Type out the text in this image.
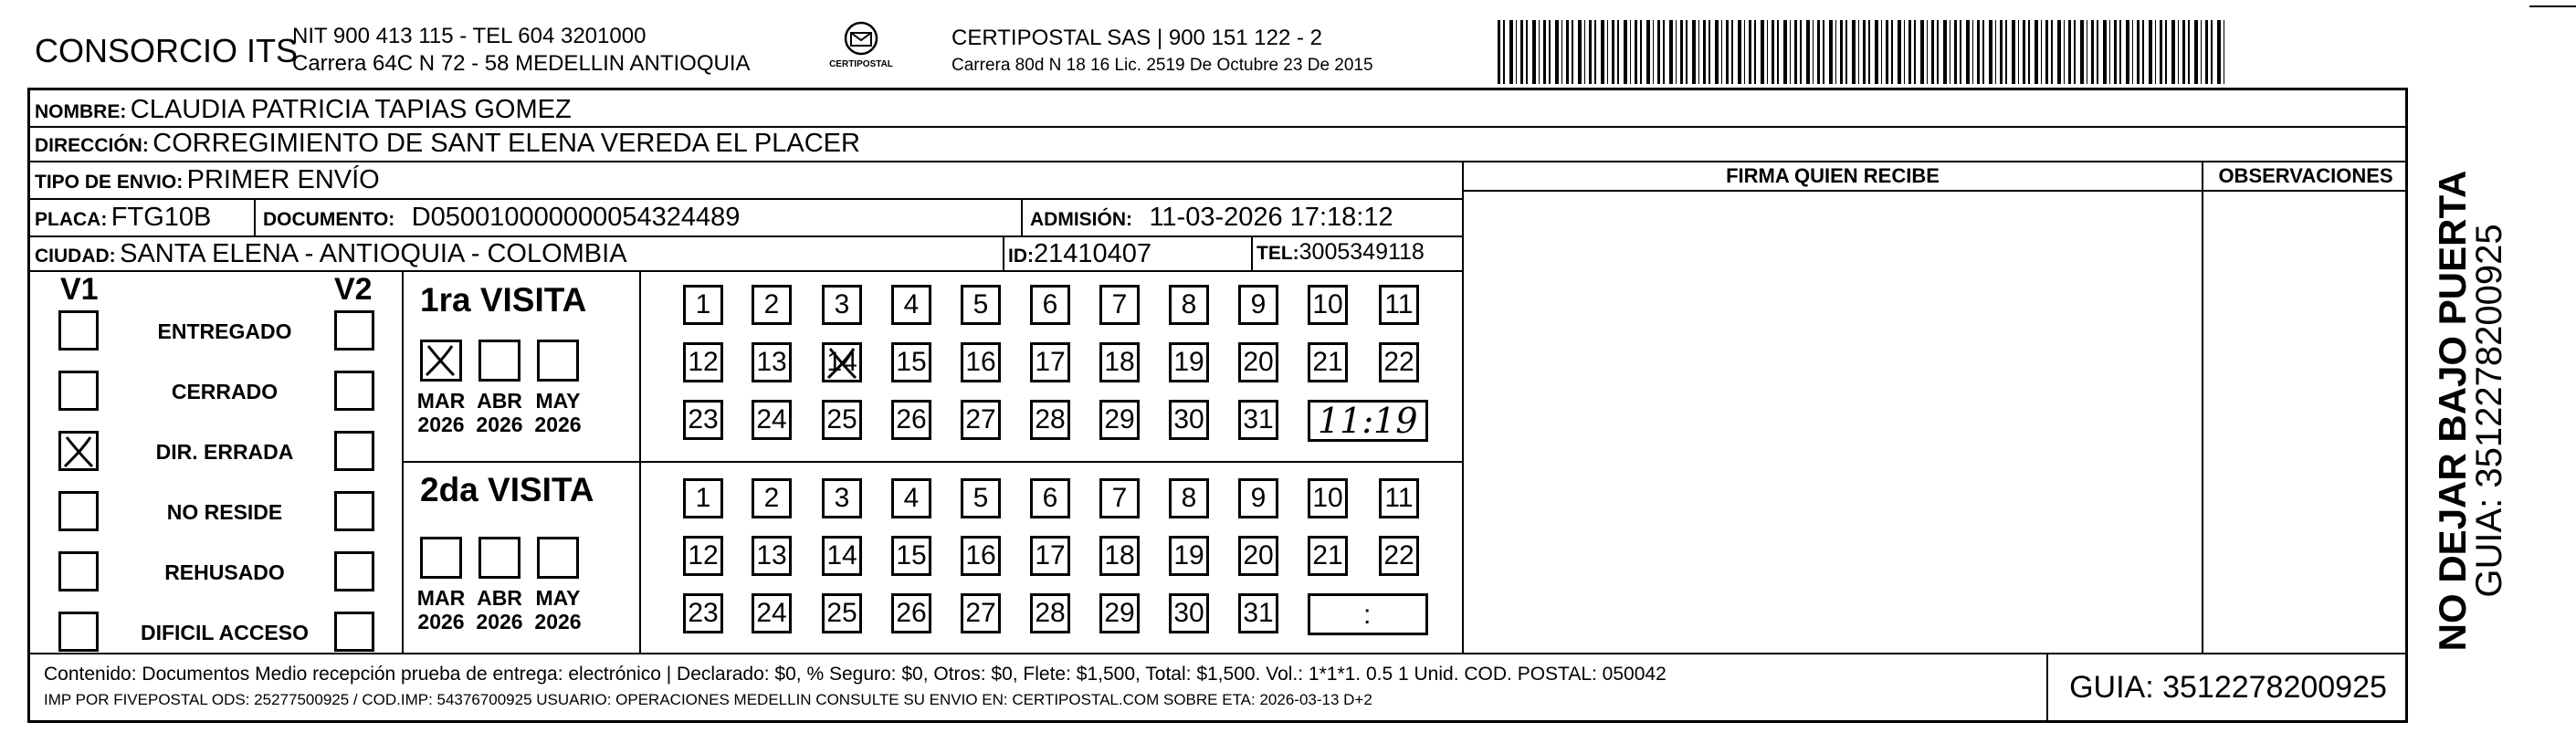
CONSORCIO ITS
NIT 900 413 115 - TEL 604 3201000
Carrera 64C N 72 - 58 MEDELLIN ANTIOQUIA	CERTIPOSTAL
CERTIPOSTAL SAS | 900 151 122 - 2
Carrera 80d N 18 16 Lic. 2519 De Octubre 23 De 2015
NOMBRE: CLAUDIA PATRICIA TAPIAS GOMEZ
DIRECCIÓN: CORREGIMIENTO DE SANT ELENA VEREDA EL PLACER
TIPO DE ENVIO: PRIMER ENVÍO	FIRMA QUIEN RECIBE	OBSERVACIONES
PLACA: FTG10B	DOCUMENTO: D050010000000054324489	ADMISIÓN: 11-03-2026 17:18:12
CIUDAD: SANTA ELENA - ANTIOQUIA - COLOMBIA	ID:21410407	TEL:3005349118
V1	V2
ENTREGADO
CERRADO
DIR. ERRADA
NO RESIDE
REHUSADO
DIFICIL ACCESO
1ra VISITA
2da VISITA
MAR
2026
ABR
2026
MAY
2026
MAR
2026
ABR
2026
MAY
2026
1 2 3 4 5 6 7 8 9 10 11
12 13 14 15 16 17 18 19 20 21 22
23 24 25 26 27 28 29 30 31 11:19
1 2 3 4 5 6 7 8 9 10 11
12 13 14 15 16 17 18 19 20 21 22
23 24 25 26 27 28 29 30 31	:
Contenido: Documentos Medio recepción prueba de entrega: electrónico | Declarado: $0, % Seguro: $0, Otros: $0, Flete: $1,500, Total: $1,500. Vol.: 1*1*1. 0.5 1 Unid. COD. POSTAL: 050042
IMP POR FIVEPOSTAL ODS: 25277500925 / COD.IMP: 54376700925 USUARIO: OPERACIONES MEDELLIN CONSULTE SU ENVIO EN: CERTIPOSTAL.COM SOBRE ETA: 2026-03-13 D+2	GUIA: 3512278200925
NO DEJAR BAJO PUERTA
GUIA: 3512278200925
